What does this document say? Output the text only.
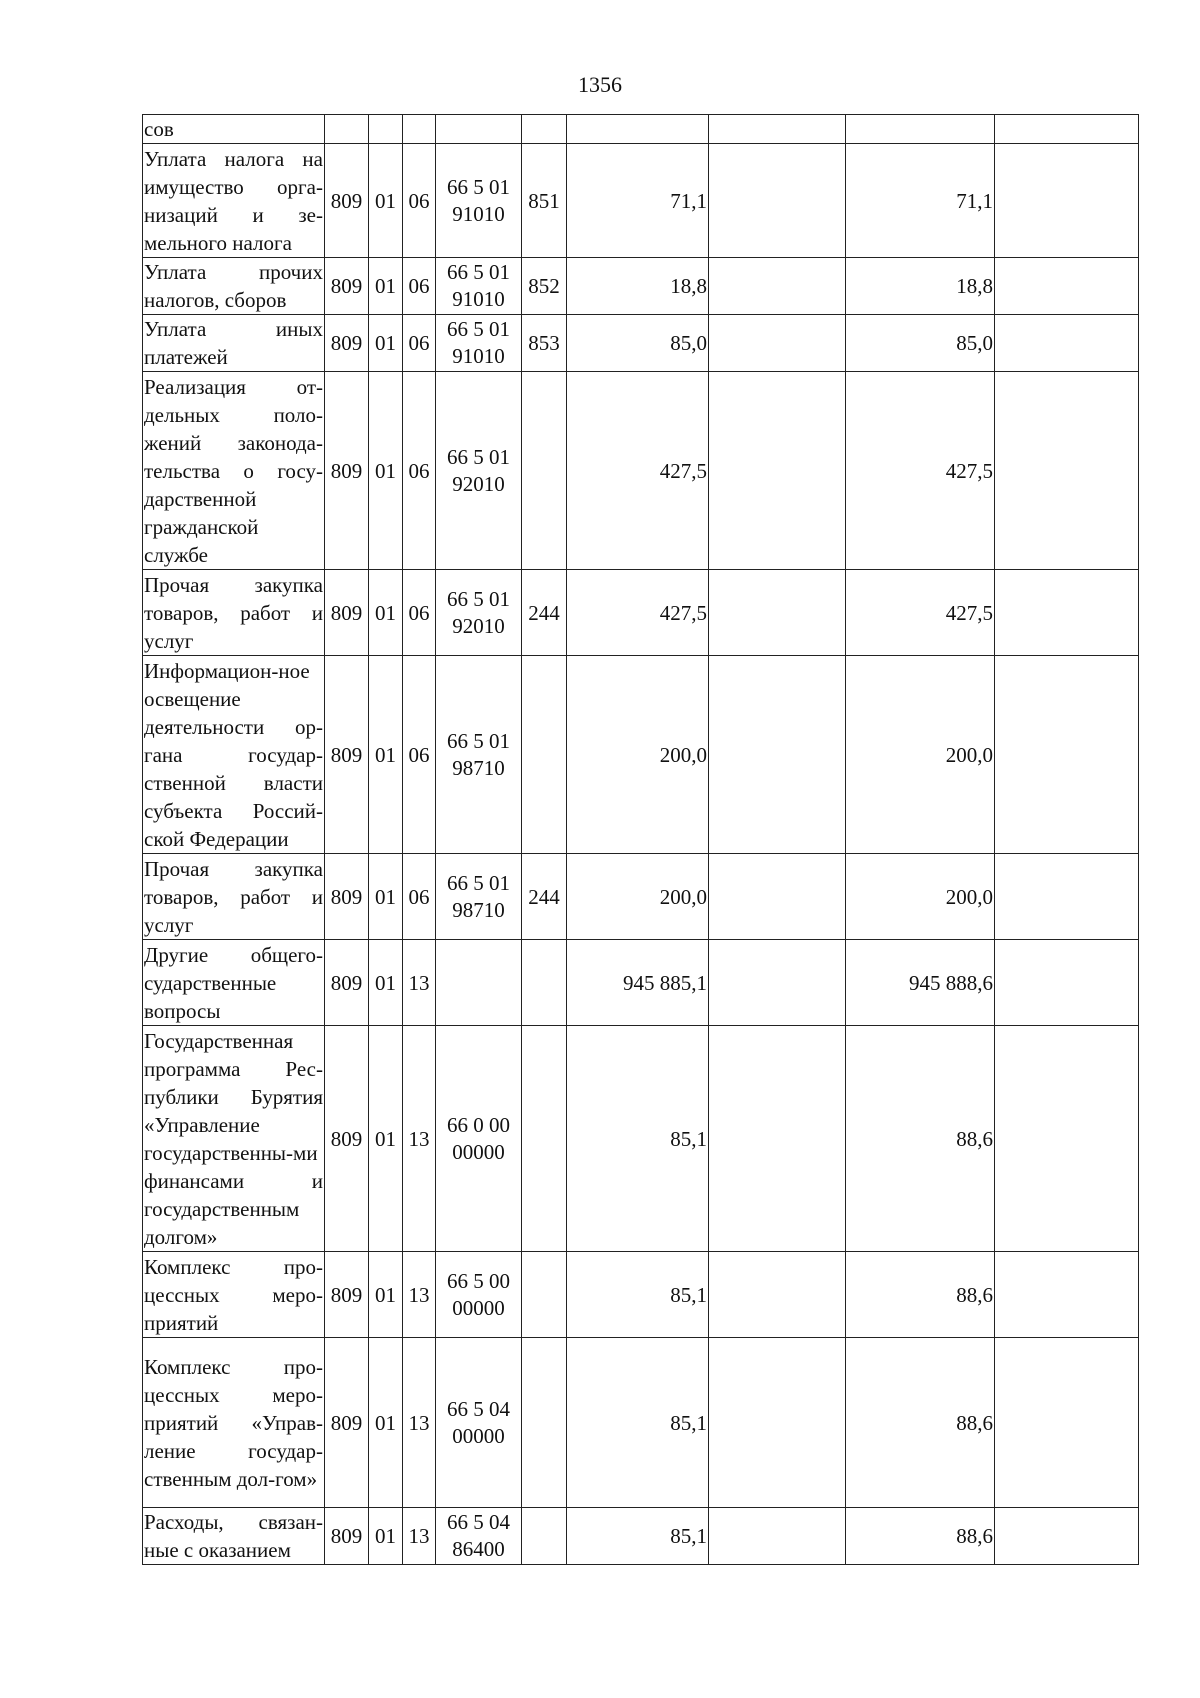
1356
сов									
Уплата налога на имущество орга-низаций и зе-мельного налога	809	01	06	66 5 01 91010	851	71,1		71,1	
Уплата прочих налогов, сборов	809	01	06	66 5 01 91010	852	18,8		18,8	
Уплата иных платежей	809	01	06	66 5 01 91010	853	85,0		85,0	
Реализация от-дельных поло-жений законода-тельства о госу-дарственной гражданской службе	809	01	06	66 5 01 92010		427,5		427,5	
Прочая закупка товаров, работ и услуг	809	01	06	66 5 01 92010	244	427,5		427,5	
Информацион-ное освещение деятельности ор-гана государ-ственной власти субъекта Россий-ской Федерации	809	01	06	66 5 01 98710		200,0		200,0	
Прочая закупка товаров, работ и услуг	809	01	06	66 5 01 98710	244	200,0		200,0	
Другие общего-сударственные вопросы	809	01	13			945 885,1		945 888,6	
Государственная программа Рес-публики Бурятия «Управление государственны-ми финансами и государственным долгом»	809	01	13	66 0 00 00000		85,1		88,6	
Комплекс про-цессных меро-приятий	809	01	13	66 5 00 00000		85,1		88,6	
Комплекс про-цессных меро-приятий «Управ-ление государ-ственным дол-гом»	809	01	13	66 5 04 00000		85,1		88,6	
Расходы, связан-ные с оказанием	809	01	13	66 5 04 86400		85,1		88,6	
